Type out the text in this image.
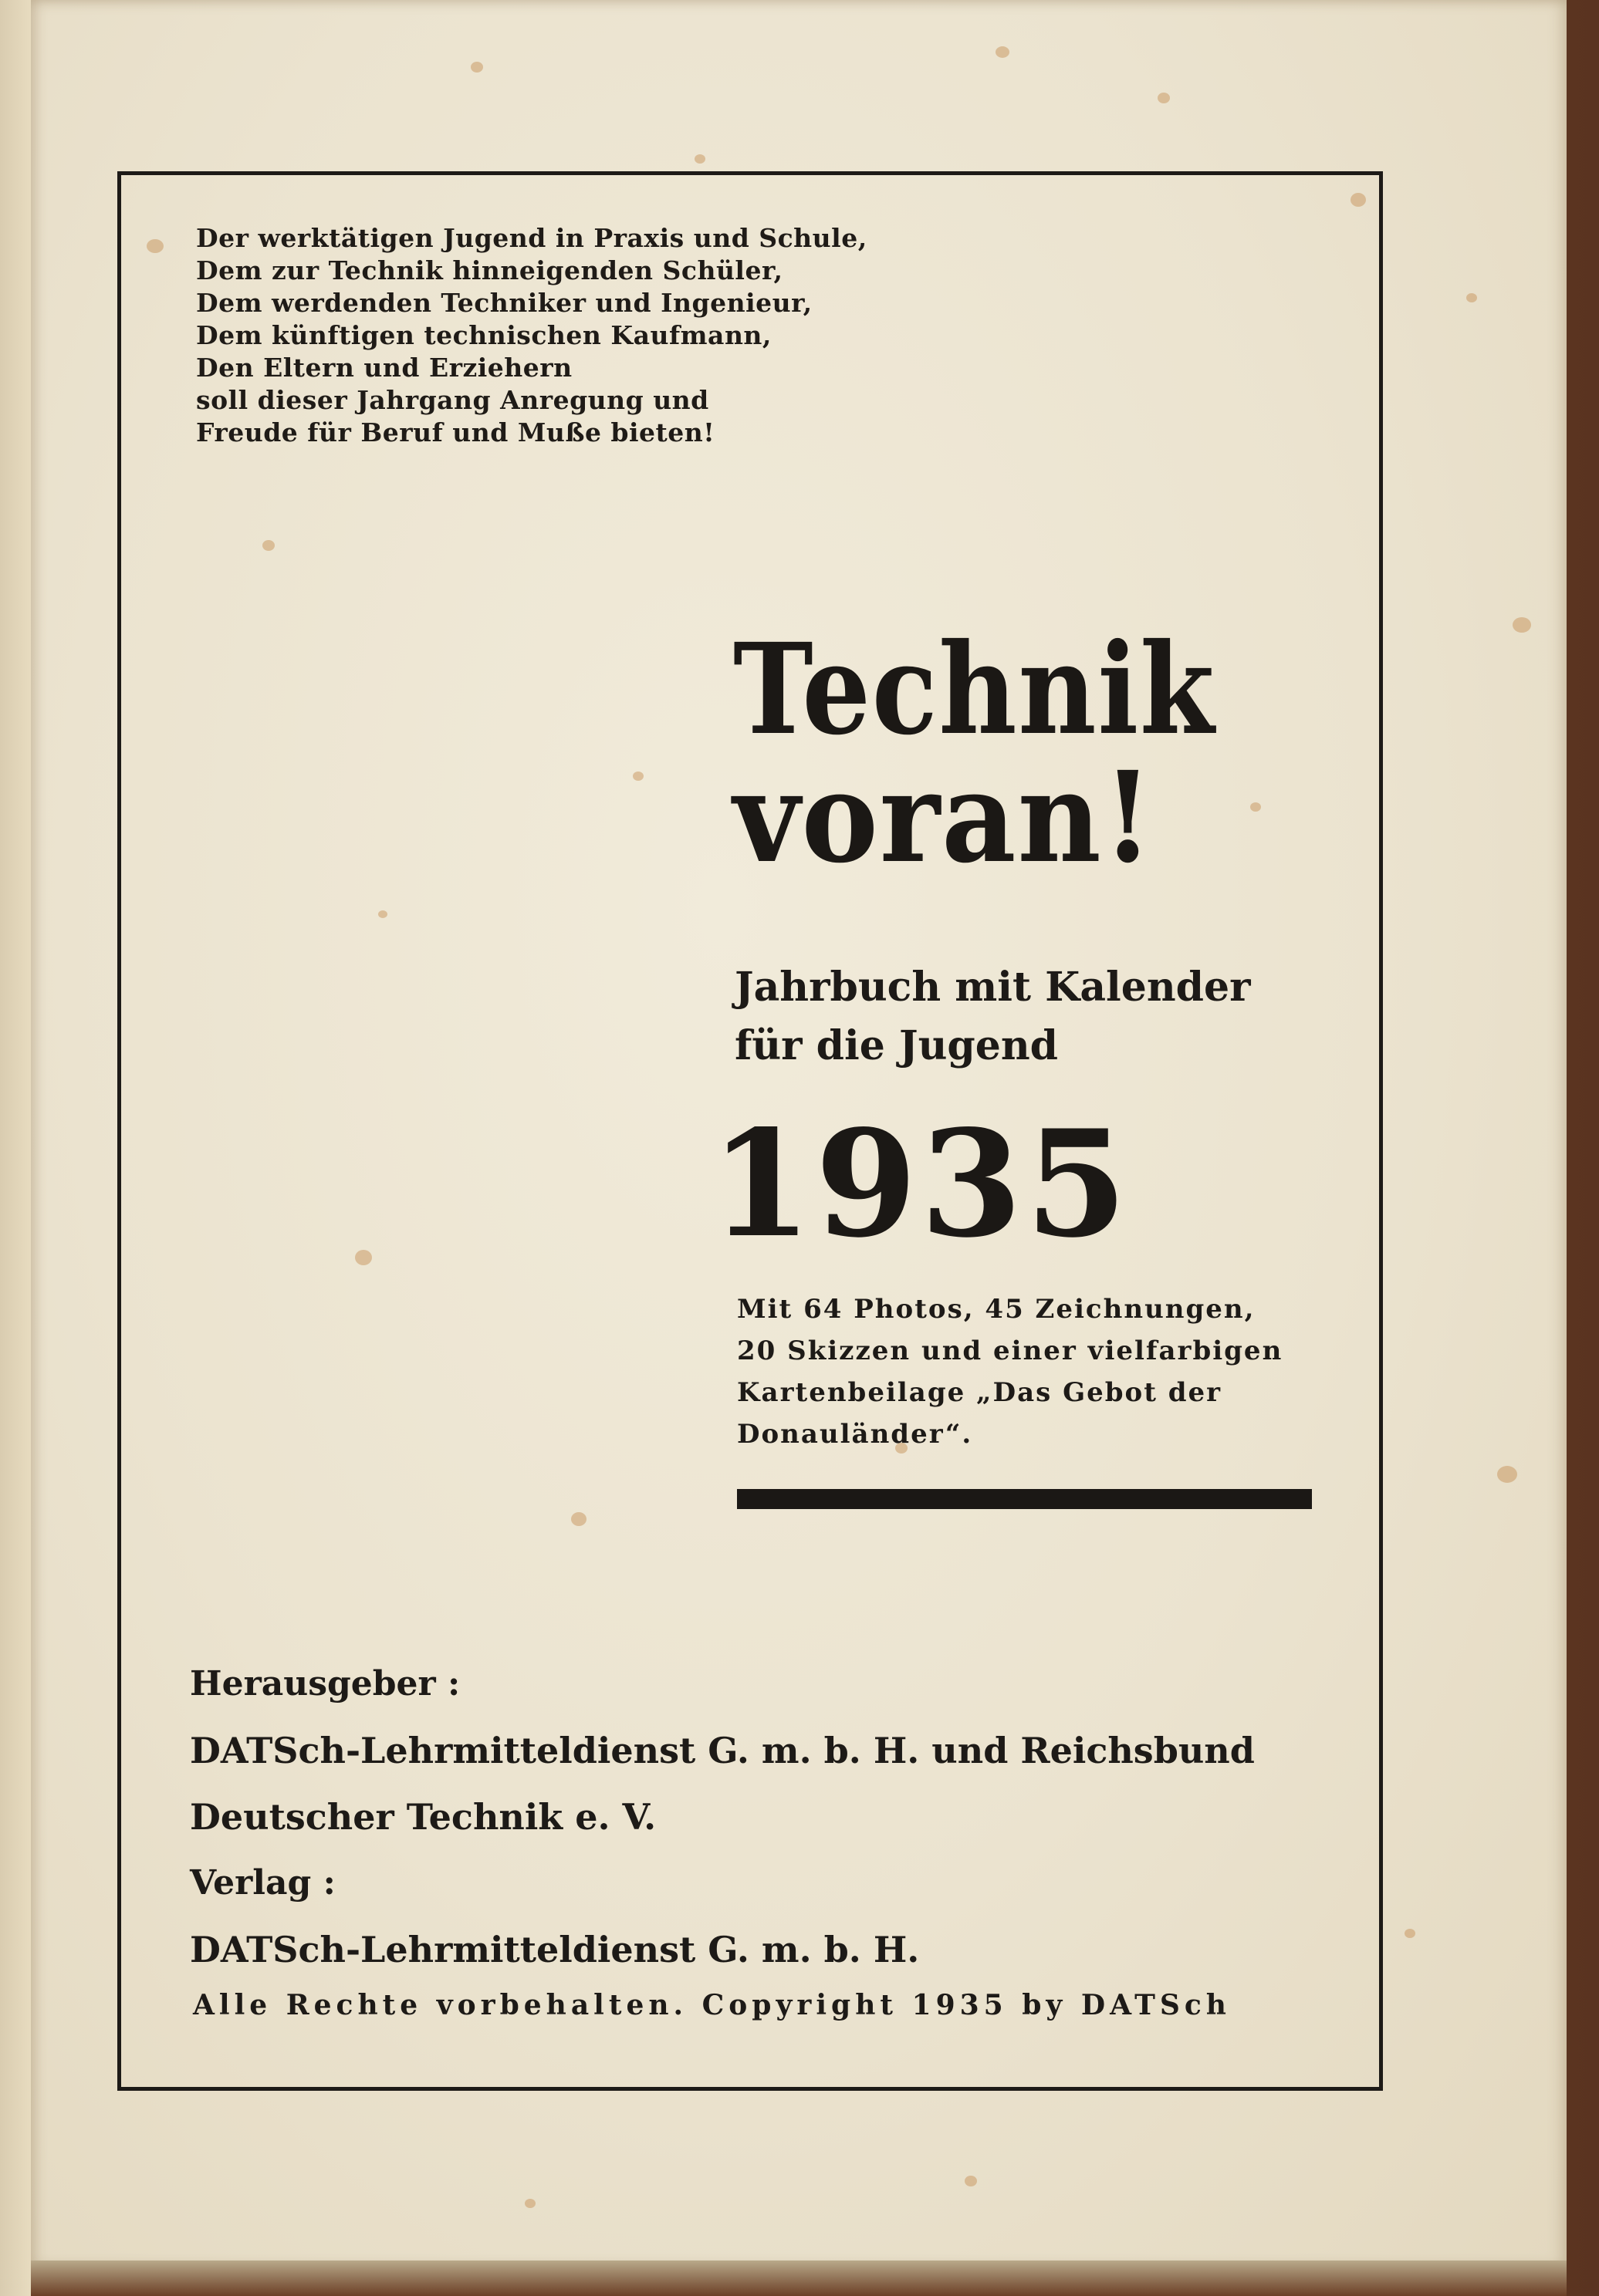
Der werktätigen Jugend in Praxis und Schule,
Dem zur Technik hinneigenden Schüler,
Dem werdenden Techniker und Ingenieur,
Dem künftigen technischen Kaufmann,
Den Eltern und Erziehern
soll dieser Jahrgang Anregung und
Freude für Beruf und Muße bieten!
Technik
voran!
Jahrbuch mit Kalender
für die Jugend
1935
Mit 64 Photos, 45 Zeichnungen,
20 Skizzen und einer vielfarbigen
Kartenbeilage „Das Gebot der
Donauländer“.
Herausgeber :
DATSch-Lehrmitteldienst G. m. b. H. und Reichsbund
Deutscher Technik e. V.
Verlag :
DATSch-Lehrmitteldienst G. m. b. H.
Alle Rechte vorbehalten. Copyright 1935 by DATSch
